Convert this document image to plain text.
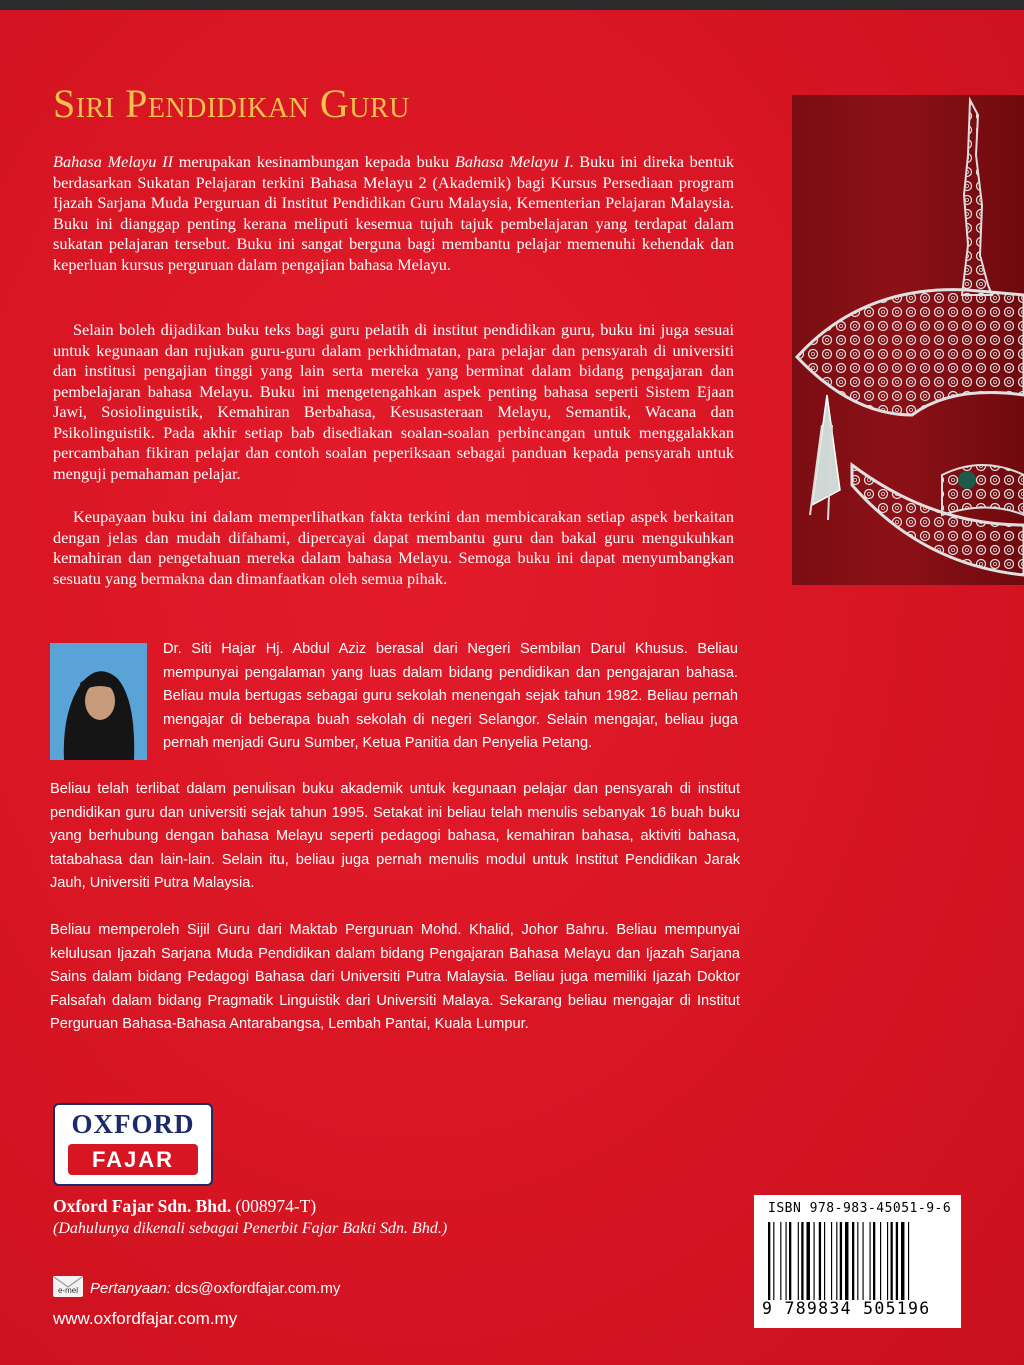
Siri Pendidikan Guru

Bahasa Melayu II merupakan kesinambungan kepada buku Bahasa Melayu I. Buku ini direka bentuk berdasarkan Sukatan Pelajaran terkini Bahasa Melayu 2 (Akademik) bagi Kursus Persediaan program Ijazah Sarjana Muda Perguruan di Institut Pendidikan Guru Malaysia, Kementerian Pelajaran Malaysia. Buku ini dianggap penting kerana meliputi kesemua tujuh tajuk pembelajaran yang terdapat dalam sukatan pelajaran tersebut. Buku ini sangat berguna bagi membantu pelajar memenuhi kehendak dan keperluan kursus perguruan dalam pengajian bahasa Melayu.

Selain boleh dijadikan buku teks bagi guru pelatih di institut pendidikan guru, buku ini juga sesuai untuk kegunaan dan rujukan guru-guru dalam perkhidmatan, para pelajar dan pensyarah di universiti dan institusi pengajian tinggi yang lain serta mereka yang berminat dalam bidang pengajaran dan pembelajaran bahasa Melayu. Buku ini mengetengahkan aspek penting bahasa seperti Sistem Ejaan Jawi, Sosiolinguistik, Kemahiran Berbahasa, Kesusasteraan Melayu, Semantik, Wacana dan Psikolinguistik. Pada akhir setiap bab disediakan soalan-soalan perbincangan untuk menggalakkan percambahan fikiran pelajar dan contoh soalan peperiksaan sebagai panduan kepada pensyarah untuk menguji pemahaman pelajar.

Keupayaan buku ini dalam memperlihatkan fakta terkini dan membicarakan setiap aspek berkaitan dengan jelas dan mudah difahami, dipercayai dapat membantu guru dan bakal guru mengukuhkan kemahiran dan pengetahuan mereka dalam bahasa Melayu. Semoga buku ini dapat menyumbangkan sesuatu yang bermakna dan dimanfaatkan oleh semua pihak.

Dr. Siti Hajar Hj. Abdul Aziz berasal dari Negeri Sembilan Darul Khusus. Beliau mempunyai pengalaman yang luas dalam bidang pendidikan dan pengajaran bahasa. Beliau mula bertugas sebagai guru sekolah menengah sejak tahun 1982. Beliau pernah mengajar di beberapa buah sekolah di negeri Selangor. Selain mengajar, beliau juga pernah menjadi Guru Sumber, Ketua Panitia dan Penyelia Petang.

Beliau telah terlibat dalam penulisan buku akademik untuk kegunaan pelajar dan pensyarah di institut pendidikan guru dan universiti sejak tahun 1995. Setakat ini beliau telah menulis sebanyak 16 buah buku yang berhubung dengan bahasa Melayu seperti pedagogi bahasa, kemahiran bahasa, aktiviti bahasa, tatabahasa dan lain-lain. Selain itu, beliau juga pernah menulis modul untuk Institut Pendidikan Jarak Jauh, Universiti Putra Malaysia.

Beliau memperoleh Sijil Guru dari Maktab Perguruan Mohd. Khalid, Johor Bahru. Beliau mempunyai kelulusan Ijazah Sarjana Muda Pendidikan dalam bidang Pengajaran Bahasa Melayu dan Ijazah Sarjana Sains dalam bidang Pedagogi Bahasa dari Universiti Putra Malaysia. Beliau juga memiliki Ijazah Doktor Falsafah dalam bidang Pragmatik Linguistik dari Universiti Malaya. Sekarang beliau mengajar di Institut Perguruan Bahasa-Bahasa Antarabangsa, Lembah Pantai, Kuala Lumpur.

OXFORD
FAJAR

Oxford Fajar Sdn. Bhd. (008974-T)

(Dahulunya dikenali sebagai Penerbit Fajar Bakti Sdn. Bhd.)

e-mel Pertanyaan: dcs@oxfordfajar.com.my

www.oxfordfajar.com.my

ISBN 978-983-45051-9-6

9 789834 505196
